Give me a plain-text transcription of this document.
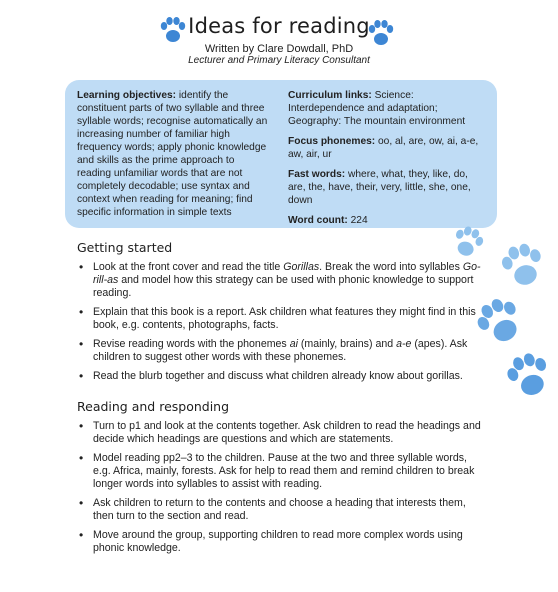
Ideas for reading
Written by Clare Dowdall, PhD
Lecturer and Primary Literacy Consultant
Learning objectives: identify the constituent parts of two syllable and three syllable words; recognise automatically an increasing number of familiar high frequency words; apply phonic knowledge and skills as the prime approach to reading unfamiliar words that are not completely decodable; use syntax and context when reading for meaning; find specific information in simple texts

Curriculum links: Science: Interdependence and adaptation; Geography: The mountain environment

Focus phonemes: oo, al, are, ow, ai, a-e, aw, air, ur

Fast words: where, what, they, like, do, are, the, have, their, very, little, she, one, down

Word count: 224

Getting started
• Look at the front cover and read the title Gorillas. Break the word into syllables Go-rill-as and model how this strategy can be used with phonic knowledge to support reading.
• Explain that this book is a report. Ask children what features they might find in this book, e.g. contents, photographs, facts.
• Revise reading words with the phonemes ai (mainly, brains) and a-e (apes). Ask children to suggest other words with these phonemes.
• Read the blurb together and discuss what children already know about gorillas.
Reading and responding
• Turn to p1 and look at the contents together. Ask children to read the headings and decide which headings are questions and which are statements.
• Model reading pp2–3 to the children. Pause at the two and three syllable words, e.g. Africa, mainly, forests. Ask for help to read them and remind children to break longer words into syllables to assist with reading.
• Ask children to return to the contents and choose a heading that interests them, then turn to the section and read.
• Move around the group, supporting children to read more complex words using phonic knowledge.
